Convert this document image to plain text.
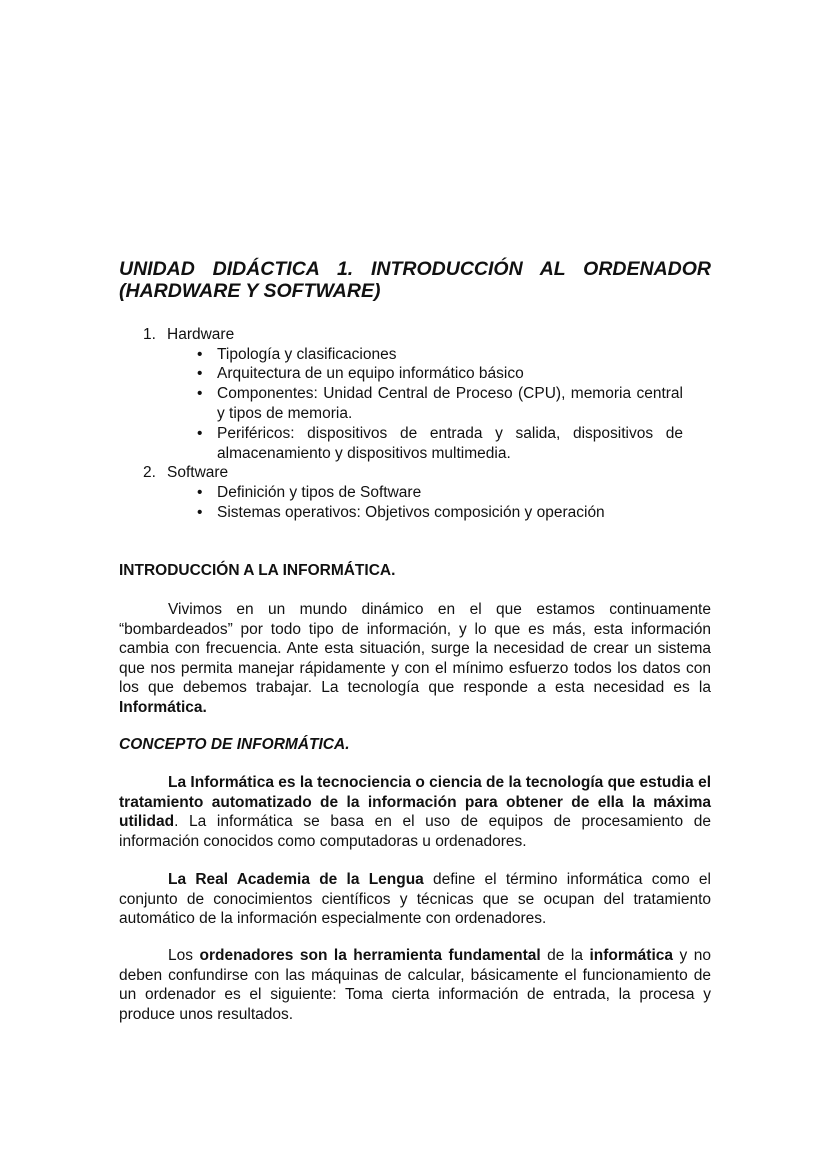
UNIDAD DIDÁCTICA 1. INTRODUCCIÓN AL ORDENADOR
(HARDWARE Y SOFTWARE)
1. Hardware
• Tipología y clasificaciones
• Arquitectura de un equipo informático básico
• Componentes: Unidad Central de Proceso (CPU), memoria central y tipos de memoria.
• Periféricos: dispositivos de entrada y salida, dispositivos de almacenamiento y dispositivos multimedia.
2. Software
• Definición y tipos de Software
• Sistemas operativos: Objetivos composición y operación
INTRODUCCIÓN A LA INFORMÁTICA.

Vivimos en un mundo dinámico en el que estamos continuamente “bombardeados” por todo tipo de información, y lo que es más, esta información cambia con frecuencia. Ante esta situación, surge la necesidad de crear un sistema que nos permita manejar rápidamente y con el mínimo esfuerzo todos los datos con los que debemos trabajar. La tecnología que responde a esta necesidad es la Informática.

CONCEPTO DE INFORMÁTICA.

La Informática es la tecnociencia o ciencia de la tecnología que estudia el tratamiento automatizado de la información para obtener de ella la máxima utilidad. La informática se basa en el uso de equipos de procesamiento de información conocidos como computadoras u ordenadores.

La Real Academia de la Lengua define el término informática como el conjunto de conocimientos científicos y técnicas que se ocupan del tratamiento automático de la información especialmente con ordenadores.

Los ordenadores son la herramienta fundamental de la informática y no deben confundirse con las máquinas de calcular, básicamente el funcionamiento de un ordenador es el siguiente: Toma cierta información de entrada, la procesa y produce unos resultados.
